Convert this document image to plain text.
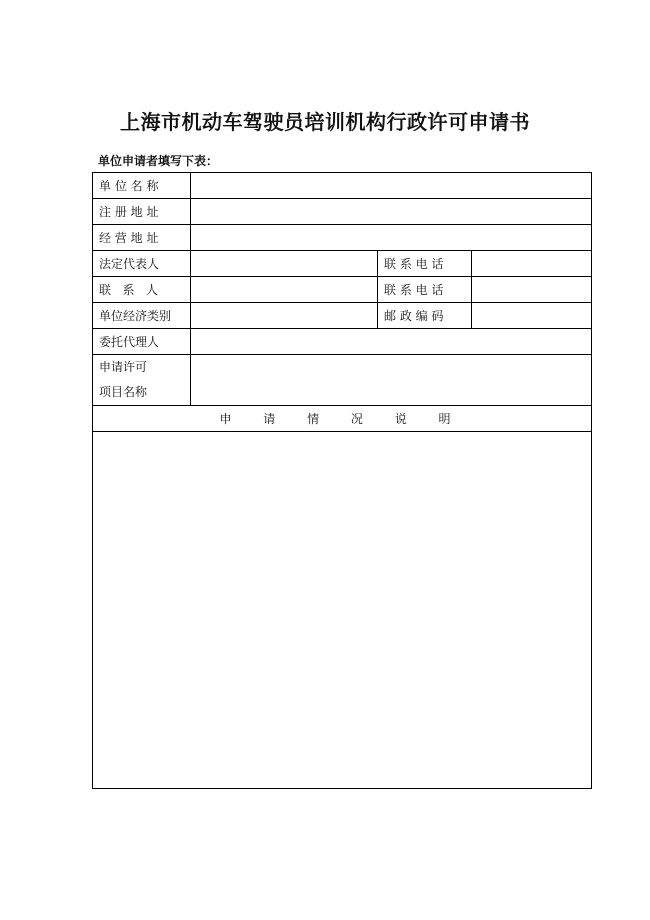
上海市机动车驾驶员培训机构行政许可申请书
单位申请者填写下表：
单 位 名 称			
注 册 地 址			
经 营 地 址			
法定代表人		联 系 电 话	
联   系   人		联 系 电 话	
单位经济类别		邮 政 编 码	
委托代理人			

申请许可
项目名称			

申 请 情 况 说 明			
